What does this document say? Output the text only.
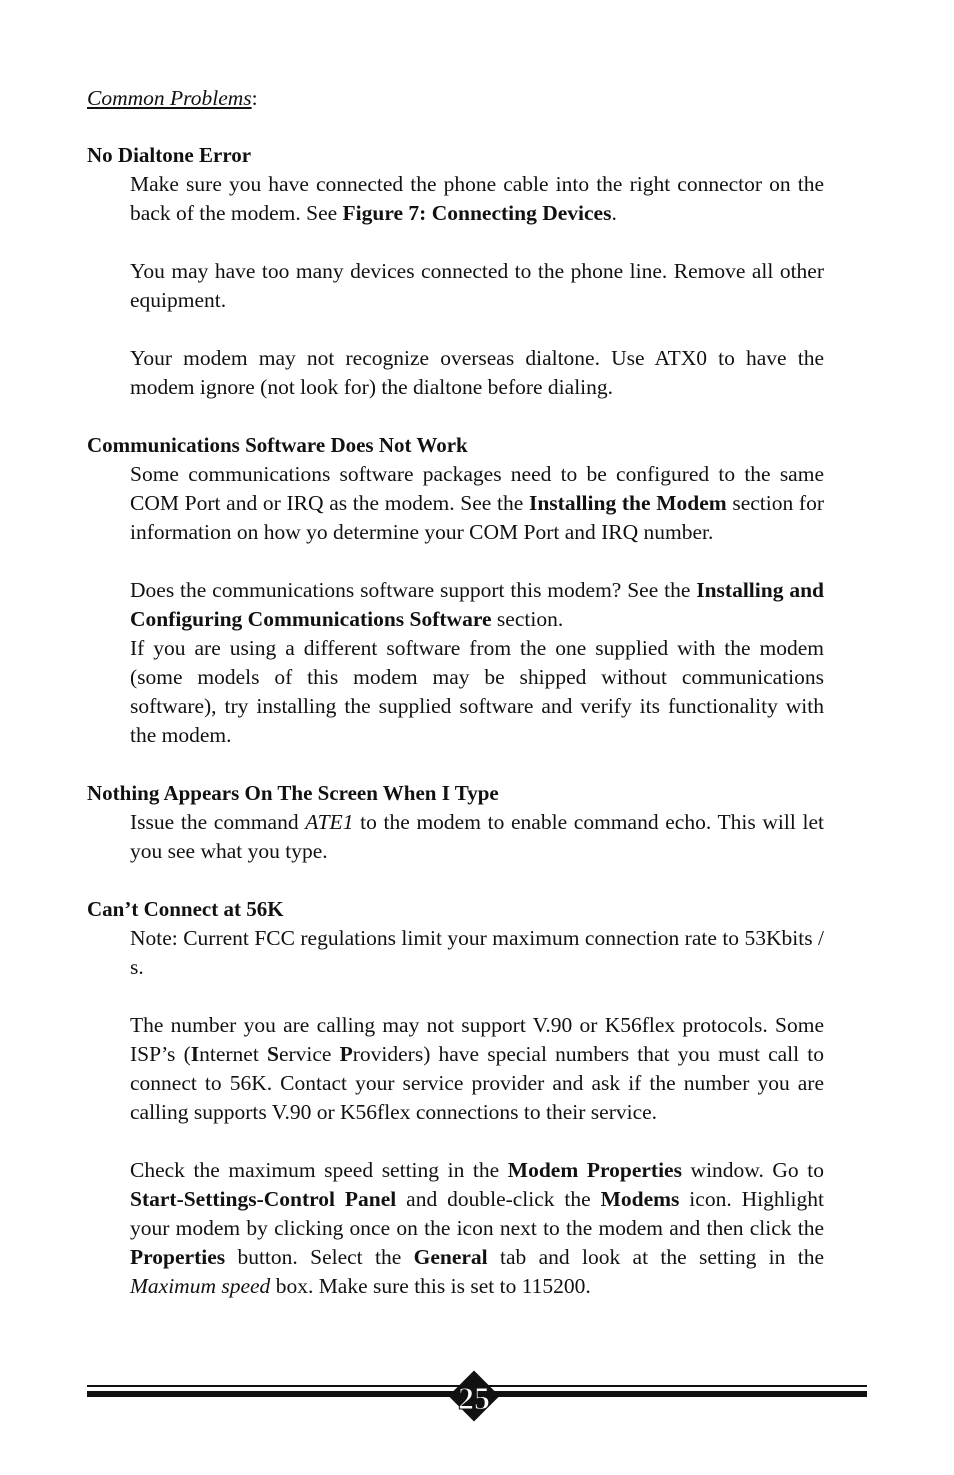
Common Problems:

No Dialtone Error

Make sure you have connected the phone cable into the right connector on the back of the modem. See Figure 7: Connecting Devices.

You may have too many devices connected to the phone line. Remove all other equipment.

Your modem may not recognize overseas dialtone. Use ATX0 to have the modem ignore (not look for) the dialtone before dialing.

Communications Software Does Not Work

Some communications software packages need to be configured to the same COM Port and or IRQ as the modem. See the Installing the Modem section for information on how yo determine your COM Port and IRQ number.

Does the communications software support this modem? See the Installing and Configuring Communications Software section.

If you are using a different software from the one supplied with the modem (some models of this modem may be shipped without communications software), try installing the supplied software and verify its functionality with the modem.

Nothing Appears On The Screen When I Type

Issue the command ATE1 to the modem to enable command echo. This will let you see what you type.

Can’t Connect at 56K

Note: Current FCC regulations limit your maximum connection rate to 53Kbits / s.

The number you are calling may not support V.90 or K56flex protocols. Some ISP’s (Internet Service Providers) have special numbers that you must call to connect to 56K. Contact your service provider and ask if the number you are calling supports V.90 or K56flex connections to their service.

Check the maximum speed setting in the Modem Properties window. Go to Start-Settings-Control Panel and double-click the Modems icon. Highlight your modem by clicking once on the icon next to the modem and then click the Properties button. Select the General tab and look at the setting in the Maximum speed box. Make sure this is set to 115200.

25
